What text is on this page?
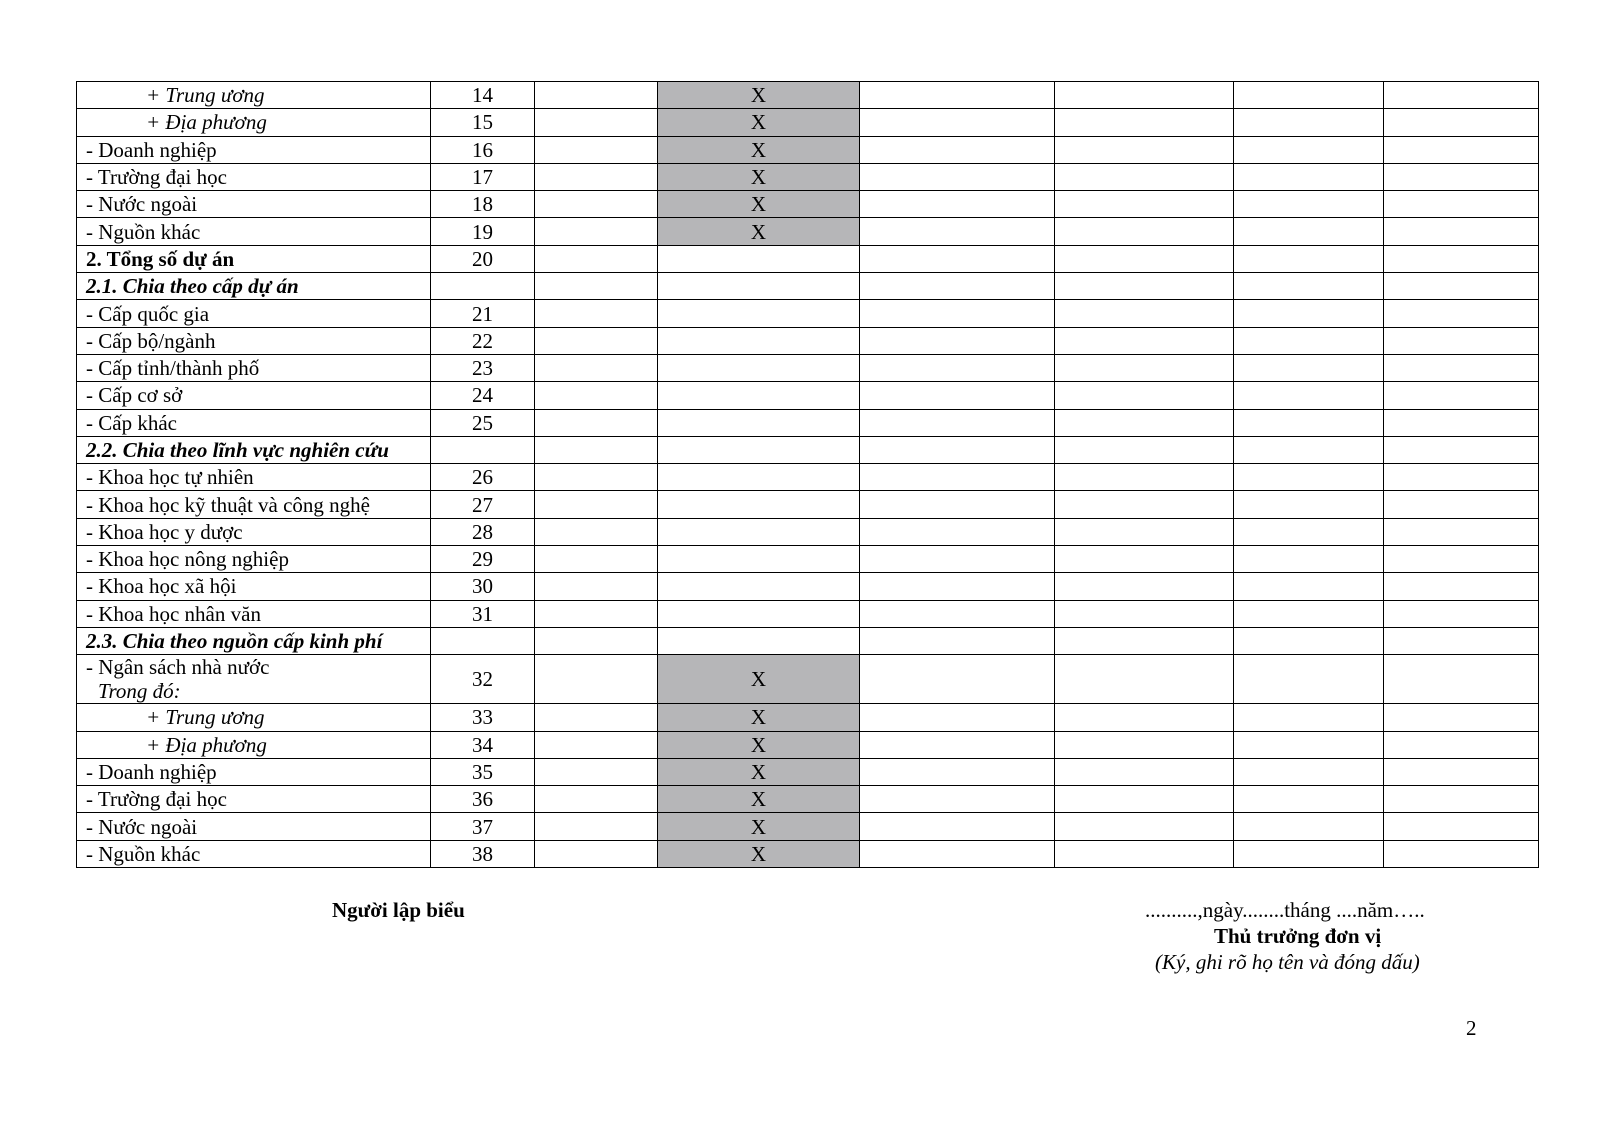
+ Trung ương	14		X				

+ Địa phương	15		X				

- Doanh nghiệp	16		X				

- Trường đại học	17		X				

- Nước ngoài	18		X				

- Nguồn khác	19		X				

2. Tổng số dự án	20						

2.1. Chia theo cấp dự án							

- Cấp quốc gia	21						

- Cấp bộ/ngành	22						

- Cấp tỉnh/thành phố	23						

- Cấp cơ sở	24						

- Cấp khác	25						

2.2. Chia theo lĩnh vực nghiên cứu							

- Khoa học tự nhiên	26						

- Khoa học kỹ thuật và công nghệ	27						

- Khoa học y dược	28						

- Khoa học nông nghiệp	29						

- Khoa học xã hội	30						

- Khoa học nhân văn	31						

2.3. Chia theo nguồn cấp kinh phí							

- Ngân sách nhà nước
Trong đó:	32		X				

+ Trung ương	33		X				

+ Địa phương	34		X				

- Doanh nghiệp	35		X				

- Trường đại học	36		X				

- Nước ngoài	37		X				

- Nguồn khác	38		X				
Người lập biểu	..........,ngày........tháng ....năm…..
Thủ trưởng đơn vị
(Ký, ghi rõ họ tên và đóng dấu)
2
